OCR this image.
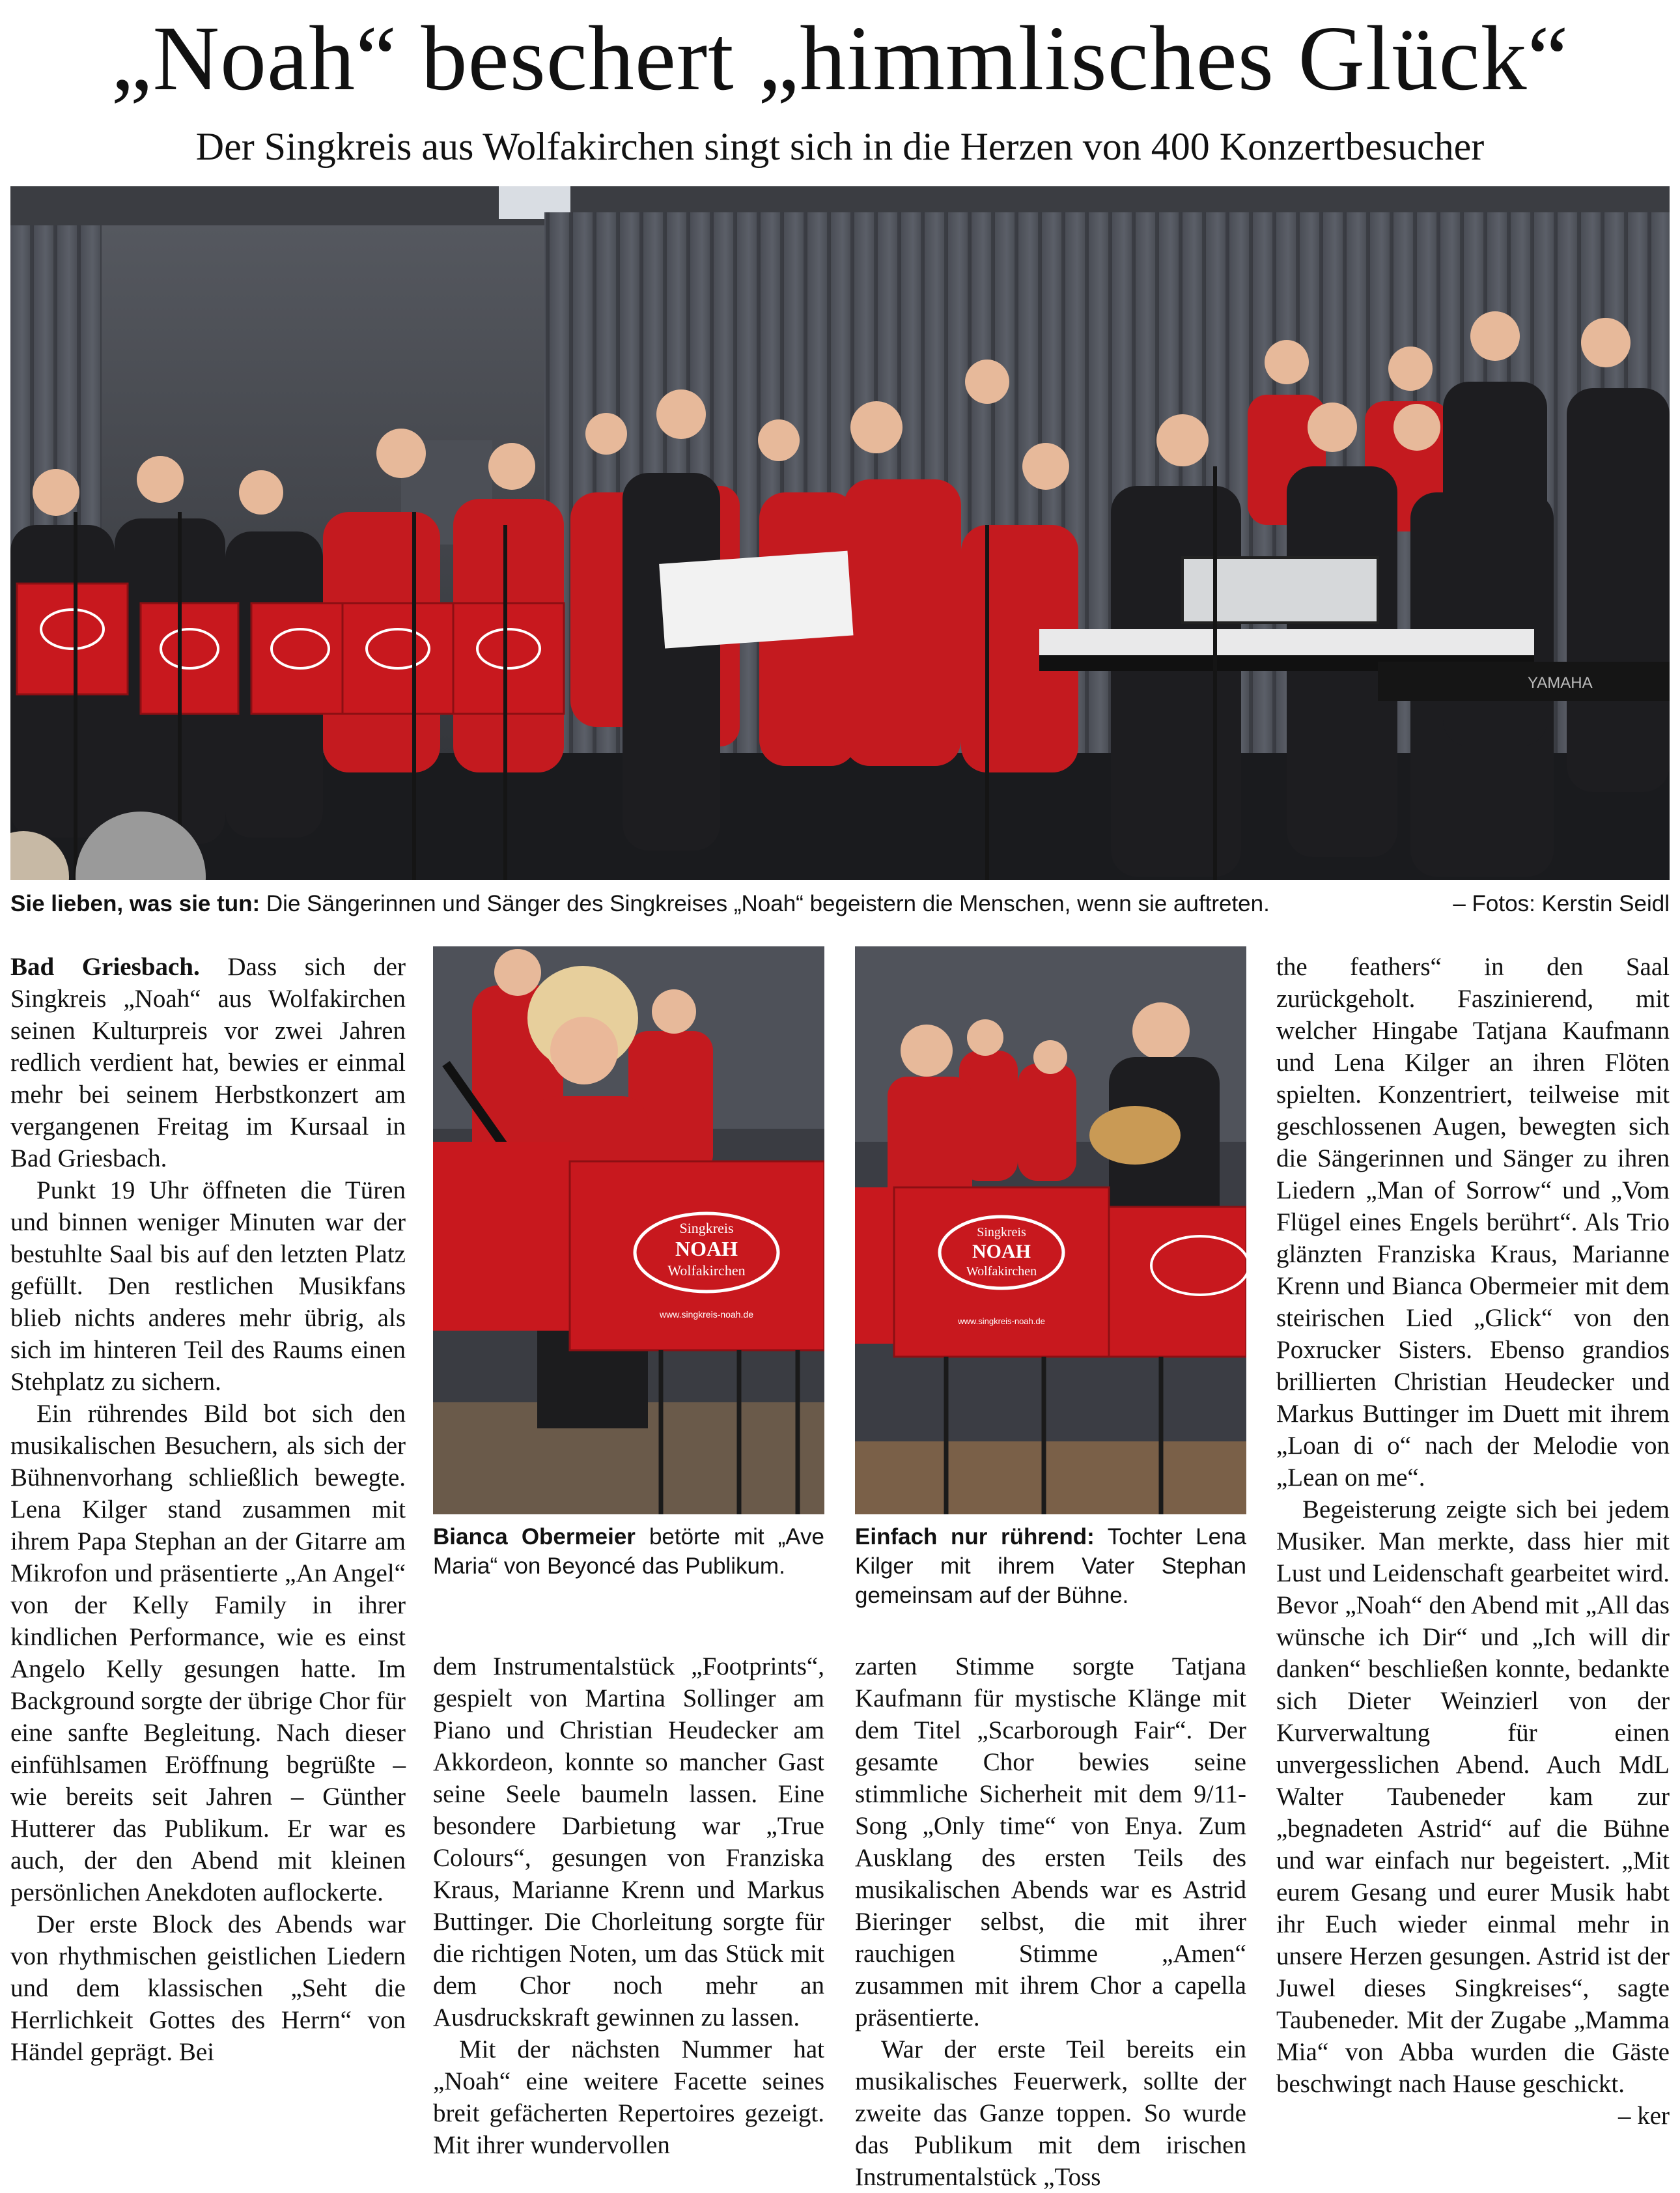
„Noah“ beschert „himmlisches Glück“
Der Singkreis aus Wolfakirchen singt sich in die Herzen von 400 Konzertbesucher
YAMAHA
Sie lieben, was sie tun: Die Sängerinnen und Sänger des Singkreises „Noah“ begeistern die Menschen, wenn sie auftreten.	– Fotos: Kerstin Seidl
Singkreis
NOAH
Wolfakirchen
www.singkreis-noah.de
Bianca Obermeier betörte mit „Ave Maria“ von Beyoncé das Publikum.
Singkreis
NOAH
Wolfakirchen
www.singkreis-noah.de
Einfach nur rührend: Tochter Lena Kilger mit ihrem Vater Stephan gemeinsam auf der Bühne.

Bad Griesbach. Dass sich der Singkreis „Noah“ aus Wolfakirchen seinen Kulturpreis vor zwei Jahren redlich verdient hat, bewies er einmal mehr bei seinem Herbstkonzert am vergangenen Freitag im Kursaal in Bad Griesbach.

Punkt 19 Uhr öffneten die Türen und binnen weniger Minuten war der bestuhlte Saal bis auf den letzten Platz gefüllt. Den restlichen Musikfans blieb nichts anderes mehr übrig, als sich im hinteren Teil des Raums einen Stehplatz zu sichern.

Ein rührendes Bild bot sich den musikalischen Besuchern, als sich der Bühnenvorhang schließlich bewegte. Lena Kilger stand zusammen mit ihrem Papa Stephan an der Gitarre am Mikrofon und präsentierte „An Angel“ von der Kelly Family in ihrer kindlichen Performance, wie es einst Angelo Kelly gesungen hatte. Im Background sorgte der übrige Chor für eine sanfte Begleitung. Nach dieser einfühlsamen Eröffnung begrüßte – wie bereits seit Jahren – Günther Hutterer das Publikum. Er war es auch, der den Abend mit kleinen persönlichen Anekdoten auflockerte.

Der erste Block des Abends war von rhythmischen geistlichen Liedern und dem klassischen „Seht die Herrlichkeit Gottes des Herrn“ von Händel geprägt. Bei

dem Instrumentalstück „Footprints“, gespielt von Martina Sollinger am Piano und Christian Heudecker am Akkordeon, konnte so mancher Gast seine Seele baumeln lassen. Eine besondere Darbietung war „True Colours“, gesungen von Franziska Kraus, Marianne Krenn und Markus Buttinger. Die Chorleitung sorgte für die richtigen Noten, um das Stück mit dem Chor noch mehr an Ausdruckskraft gewinnen zu lassen.

Mit der nächsten Nummer hat „Noah“ eine weitere Facette seines breit gefächerten Repertoires gezeigt. Mit ihrer wundervollen

zarten Stimme sorgte Tatjana Kaufmann für mystische Klänge mit dem Titel „Scarborough Fair“. Der gesamte Chor bewies seine stimmliche Sicherheit mit dem 9/11-Song „Only time“ von Enya. Zum Ausklang des ersten Teils des musikalischen Abends war es Astrid Bieringer selbst, die mit ihrer rauchigen Stimme „Amen“ zusammen mit ihrem Chor a capella präsentierte.

War der erste Teil bereits ein musikalisches Feuerwerk, sollte der zweite das Ganze toppen. So wurde das Publikum mit dem irischen Instrumentalstück „Toss

the feathers“ in den Saal zurückgeholt. Faszinierend, mit welcher Hingabe Tatjana Kaufmann und Lena Kilger an ihren Flöten spielten. Konzentriert, teilweise mit geschlossenen Augen, bewegten sich die Sängerinnen und Sänger zu ihren Liedern „Man of Sorrow“ und „Vom Flügel eines Engels berührt“. Als Trio glänzten Franziska Kraus, Marianne Krenn und Bianca Obermeier mit dem steirischen Lied „Glick“ von den Poxrucker Sisters. Ebenso grandios brillierten Christian Heudecker und Markus Buttinger im Duett mit ihrem „Loan di o“ nach der Melodie von „Lean on me“.

Begeisterung zeigte sich bei jedem Musiker. Man merkte, dass hier mit Lust und Leidenschaft gearbeitet wird. Bevor „Noah“ den Abend mit „All das wünsche ich Dir“ und „Ich will dir danken“ beschließen konnte, bedankte sich Dieter Weinzierl von der Kurverwaltung für einen unvergesslichen Abend. Auch MdL Walter Taubeneder kam zur „begnadeten Astrid“ auf die Bühne und war einfach nur begeistert. „Mit eurem Gesang und eurer Musik habt ihr Euch wieder einmal mehr in unsere Herzen gesungen. Astrid ist der Juwel dieses Singkreises“, sagte Taubeneder. Mit der Zugabe „Mamma Mia“ von Abba wurden die Gäste beschwingt nach Hause geschickt.
– ker
